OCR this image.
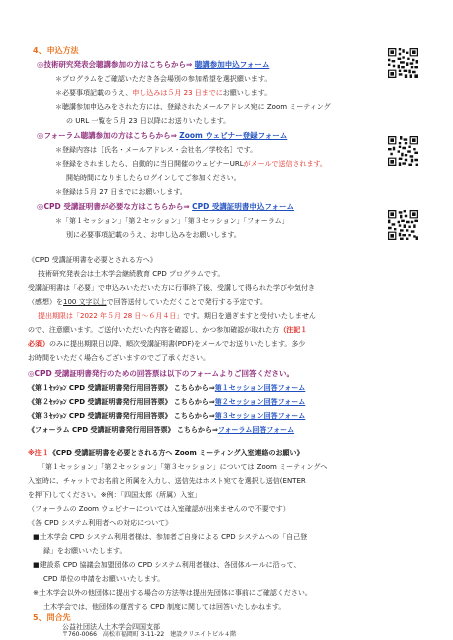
4、申込方法
◎技術研究発表会聴講参加の方はこちらから⇒ 聴講参加申込フォーム
＊プログラムをご確認いただき各会場別の参加希望を選択願います。
＊必要事項記載のうえ、申し込みは５月 23 日までにお願いします。
＊聴講参加申込みをされた方には、登録されたメールアドレス宛に Zoom ミーティング
の URL 一覧を５月 23 日以降にお送りいたします。
◎フォーラム聴講参加の方はこちらから⇒ Zoom ウェビナー登録フォーム
＊登録内容は［氏名・メールアドレス・会社名／学校名］です。
＊登録をされましたら、自動的に当日開催のウェビナーURLがメールで送信されます。
開始時間になりましたらログインしてご参加ください。
＊登録は５月 27 日までにお願いします。
◎CPD 受講証明書が必要な方はこちらから⇒ CPD 受講証明書申込フォーム
＊「第１セッション」「第２セッション」「第３セッション」「フォーラム」
別に必要事項記載のうえ、お申し込みをお願いします。
《CPD 受講証明書を必要とされる方へ》
技術研究発表会は土木学会継続教育 CPD プログラムです。
受講証明書は「必要」で申込みいただいた方に行事終了後、受講して得られた学びや気付き
（感想）を100 文字以上で回答送付していただくことで発行する予定です。
提出期限は「2022 年５月 28 日～６月４日」です。期日を過ぎますと受付いたしません
ので、注意願います。ご送付いただいた内容を確認し、かつ参加確認が取れた方（注記１
必須）のみに提出期限日以降、順次受講証明書(PDF)をメールでお送りいたします。多少
お時間をいただく場合もございますのでご了承ください。
◎CPD 受講証明書発行のための回答票は以下のフォームよりご回答ください。
《第１ｾｯｼｮﾝ CPD 受講証明書発行用回答票》 こちらから⇒第１セッション回答フォーム
《第２ｾｯｼｮﾝ CPD 受講証明書発行用回答票》 こちらから⇒第２セッション回答フォーム
《第３ｾｯｼｮﾝ CPD 受講証明書発行用回答票》 こちらから⇒第３セッション回答フォーム
《フォーラム CPD 受講証明書発行用回答票》 こちらから⇒フォーラム回答フォーム
※注１《CPD 受講証明書を必要とされる方へ Zoom ミーティング入室連絡のお願い》
「第１セッション」「第２セッション」「第３セッション」については Zoom ミーティングへ
入室時に、チャットでお名前と所属を入力し、送信先はホスト宛てを選択し送信(ENTER
を押下)してください。※例：「四国太郎（所属）入室」
（フォーラムの Zoom ウェビナーについては入室確認が出来ませんので不要です）
《各 CPD システム利用者への対応について》
■土木学会 CPD システム利用者様は、参加者ご自身による CPD システムへの「自己登
録」をお願いいたします。
■建設系 CPD 協議会加盟団体の CPD システム利用者様は、各団体ルールに沿って、
CPD 単位の申請をお願いいたします。
※土木学会以外の他団体に提出する場合の方法等は提出先団体に事前にご確認ください。
土木学会では、他団体の運営する CPD 制度に関しては回答いたしかねます。
5、問合先
公益社団法人土木学会四国支部
〒760-0066　高松市福岡町 3-11-22　建設クリエイトビル４階
